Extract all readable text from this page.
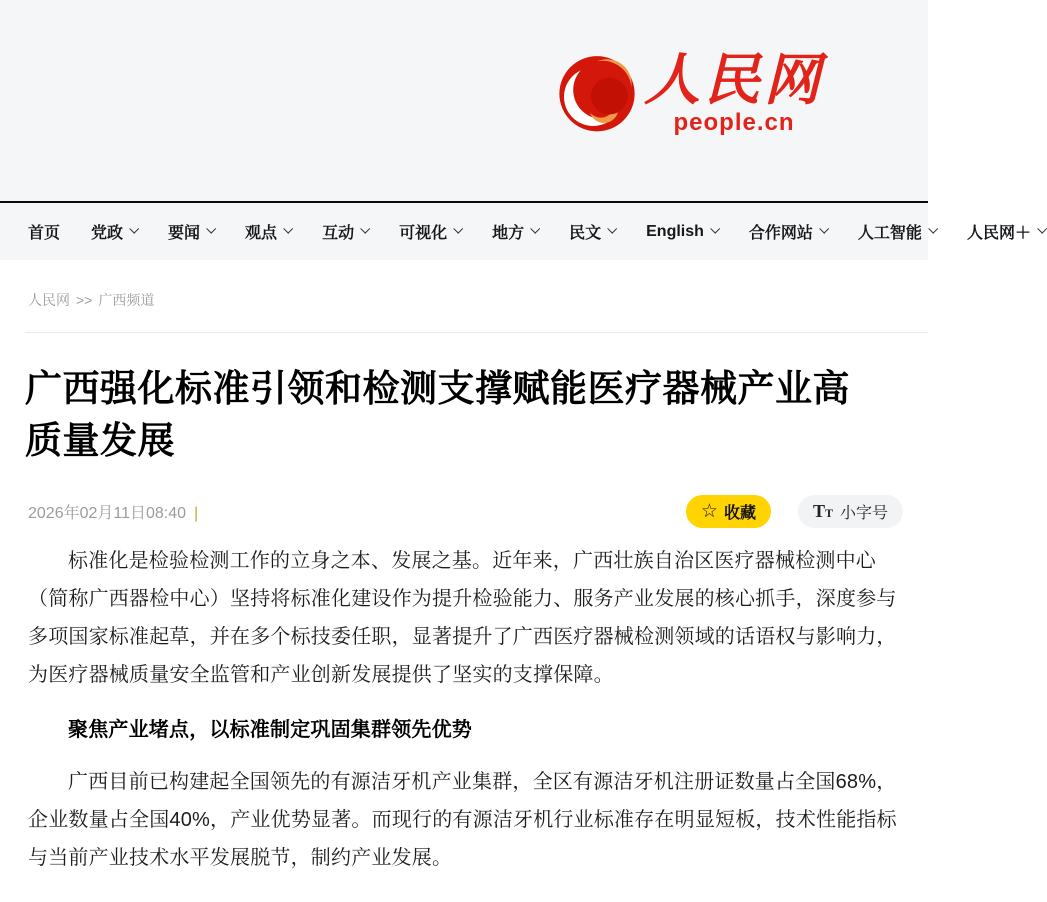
人民网
people.cn
首页 党政	要闻	观点	互动	可视化	地方	民文	English	合作网站	人工智能	人民网＋
人民网 >> 广西频道
广西强化标准引领和检测支撑赋能医疗器械产业高质量发展
2026年02月11日08:40 |	☆ 收藏	TT 小字号

标准化是检验检测工作的立身之本、发展之基。近年来，广西壮族自治区医疗器械检测中心（简称广西器检中心）坚持将标准化建设作为提升检验能力、服务产业发展的核心抓手，深度参与多项国家标准起草，并在多个标技委任职，显著提升了广西医疗器械检测领域的话语权与影响力，为医疗器械质量安全监管和产业创新发展提供了坚实的支撑保障。

聚焦产业堵点，以标准制定巩固集群领先优势

广西目前已构建起全国领先的有源洁牙机产业集群，全区有源洁牙机注册证数量占全国68%，企业数量占全国40%，产业优势显著。而现行的有源洁牙机行业标准存在明显短板，技术性能指标与当前产业技术水平发展脱节，制约产业发展。
